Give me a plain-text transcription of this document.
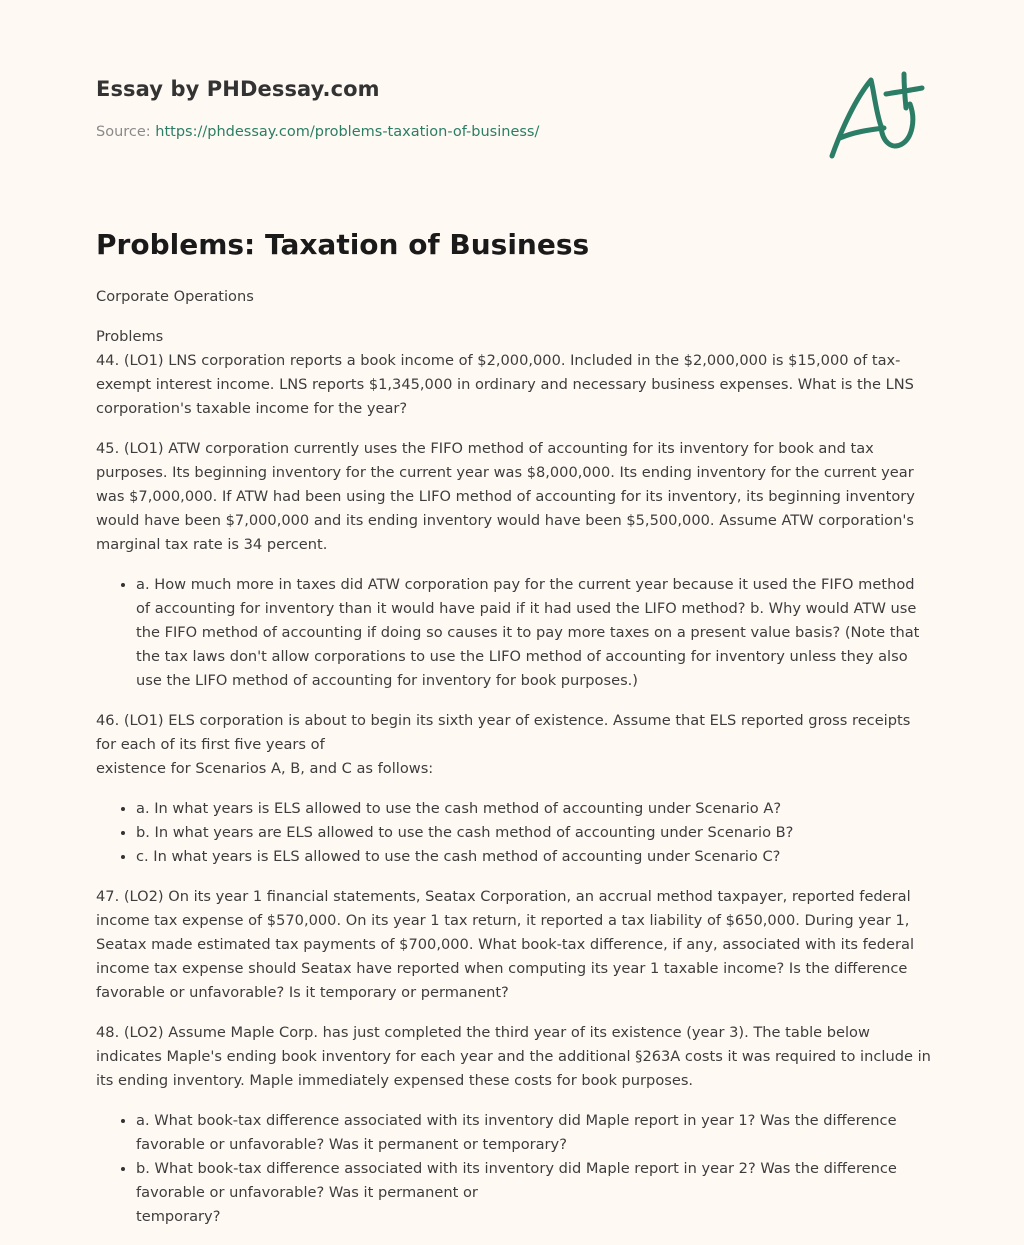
Essay by PHDessay.com
Source: https://phdessay.com/problems-taxation-of-business/
Problems: Taxation of Business

Corporate Operations

Problems
44. (LO1) LNS corporation reports a book income of $2,000,000. Included in the $2,000,000 is $15,000 of tax-exempt interest income. LNS reports $1,345,000 in ordinary and necessary business expenses. What is the LNS corporation's taxable income for the year?

45. (LO1) ATW corporation currently uses the FIFO method of accounting for its inventory for book and tax purposes. Its beginning inventory for the current year was $8,000,000. Its ending inventory for the current year was $7,000,000. If ATW had been using the LIFO method of accounting for its inventory, its beginning inventory would have been $7,000,000 and its ending inventory would have been $5,500,000. Assume ATW corporation's marginal tax rate is 34 percent.

• a. How much more in taxes did ATW corporation pay for the current year because it used the FIFO method of accounting for inventory than it would have paid if it had used the LIFO method? b. Why would ATW use the FIFO method of accounting if doing so causes it to pay more taxes on a present value basis? (Note that the tax laws don't allow corporations to use the LIFO method of accounting for inventory unless they also use the LIFO method of accounting for inventory for book purposes.)

46. (LO1) ELS corporation is about to begin its sixth year of existence. Assume that ELS reported gross receipts for each of its first five years of
existence for Scenarios A, B, and C as follows:

• a. In what years is ELS allowed to use the cash method of accounting under Scenario A?
• b. In what years are ELS allowed to use the cash method of accounting under Scenario B?
• c. In what years is ELS allowed to use the cash method of accounting under Scenario C?

47. (LO2) On its year 1 financial statements, Seatax Corporation, an accrual method taxpayer, reported federal income tax expense of $570,000. On its year 1 tax return, it reported a tax liability of $650,000. During year 1, Seatax made estimated tax payments of $700,000. What book-tax difference, if any, associated with its federal income tax expense should Seatax have reported when computing its year 1 taxable income? Is the difference favorable or unfavorable? Is it temporary or permanent?

48. (LO2) Assume Maple Corp. has just completed the third year of its existence (year 3). The table below indicates Maple's ending book inventory for each year and the additional §263A costs it was required to include in its ending inventory. Maple immediately expensed these costs for book purposes.

• a. What book-tax difference associated with its inventory did Maple report in year 1? Was the difference favorable or unfavorable? Was it permanent or temporary?
• b. What book-tax difference associated with its inventory did Maple report in year 2? Was the difference favorable or unfavorable? Was it permanent or
temporary?
